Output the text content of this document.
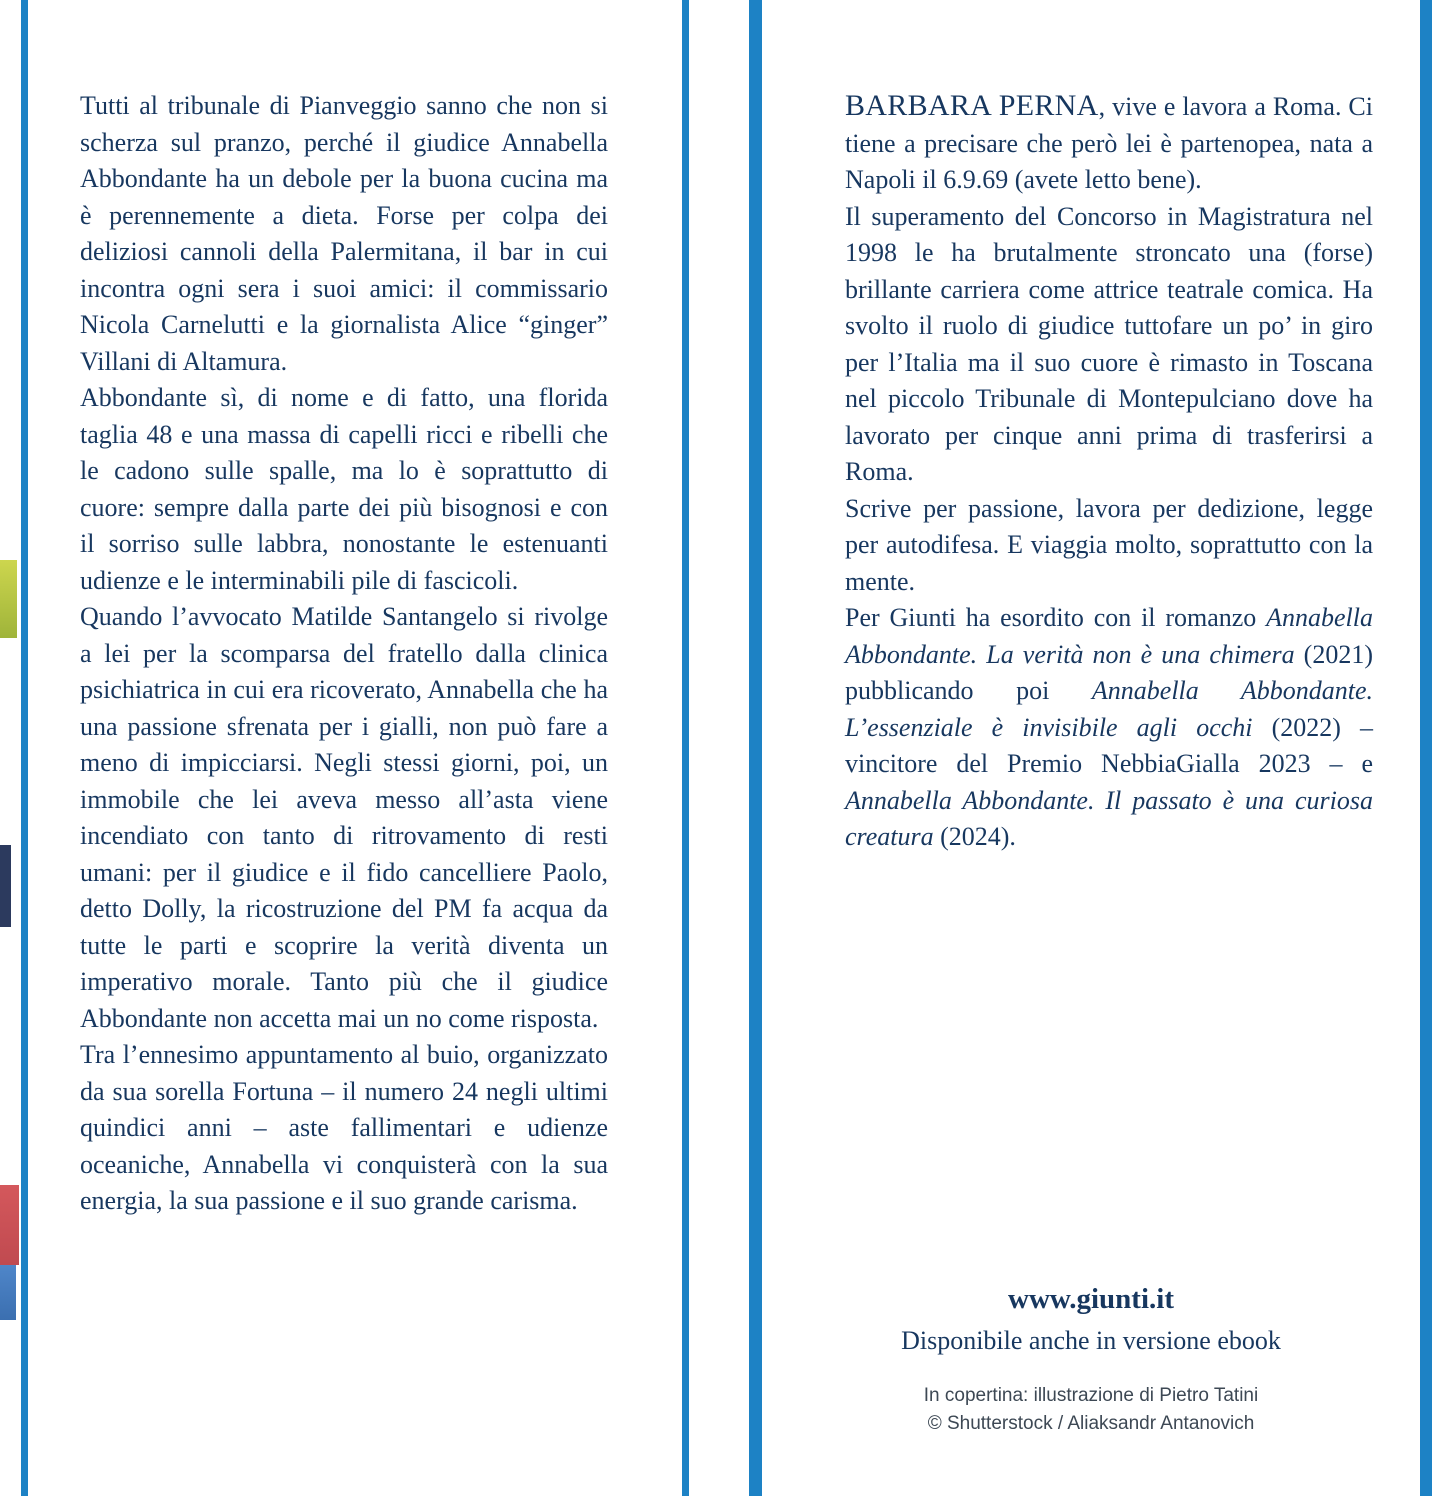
Tutti al tribunale di Pianveggio sanno che non si scherza sul pranzo, perché il giudice Annabella Abbondante ha un debole per la buona cucina ma è perennemente a dieta. Forse per colpa dei deliziosi cannoli della Palermitana, il bar in cui incontra ogni sera i suoi amici: il commissario Nicola Carnelutti e la giornalista Alice “ginger” Villani di Altamura.

Abbondante sì, di nome e di fatto, una florida taglia 48 e una massa di capelli ricci e ribelli che le cadono sulle spalle, ma lo è soprattutto di cuore: sempre dalla parte dei più bisognosi e con il sorriso sulle labbra, nonostante le estenuanti udienze e le interminabili pile di fascicoli.

Quando l’avvocato Matilde Santangelo si rivolge a lei per la scomparsa del fratello dalla clinica psichiatrica in cui era ricoverato, Annabella che ha una passione sfrenata per i gialli, non può fare a meno di impicciarsi. Negli stessi giorni, poi, un immobile che lei aveva messo all’asta viene incendiato con tanto di ritrovamento di resti umani: per il giudice e il fido cancelliere Paolo, detto Dolly, la ricostruzione del PM fa acqua da tutte le parti e scoprire la verità diventa un imperativo morale. Tanto più che il giudice Abbondante non accetta mai un no come risposta.

Tra l’ennesimo appuntamento al buio, organizzato da sua sorella Fortuna – il numero 24 negli ultimi quindici anni – aste fallimentari e udienze oceaniche, Annabella vi conquisterà con la sua energia, la sua passione e il suo grande carisma.

BARBARA PERNA, vive e lavora a Roma. Ci tiene a precisare che però lei è partenopea, nata a Napoli il 6.9.69 (avete letto bene).

Il superamento del Concorso in Magistratura nel 1998 le ha brutalmente stroncato una (forse) brillante carriera come attrice teatrale comica. Ha svolto il ruolo di giudice tuttofare un po’ in giro per l’Italia ma il suo cuore è rimasto in Toscana nel piccolo Tribunale di Montepulciano dove ha lavorato per cinque anni prima di trasferirsi a Roma.

Scrive per passione, lavora per dedizione, legge per autodifesa. E viaggia molto, soprattutto con la mente.

Per Giunti ha esordito con il romanzo Annabella Abbondante. La verità non è una chimera (2021) pubblicando poi Annabella Abbondante. L’essenziale è invisibile agli occhi (2022) – vincitore del Premio NebbiaGialla 2023 – e Annabella Abbondante. Il passato è una curiosa creatura (2024).

www.giunti.it
Disponibile anche in versione ebook
In copertina: illustrazione di Pietro Tatini
© Shutterstock / Aliaksandr Antanovich
